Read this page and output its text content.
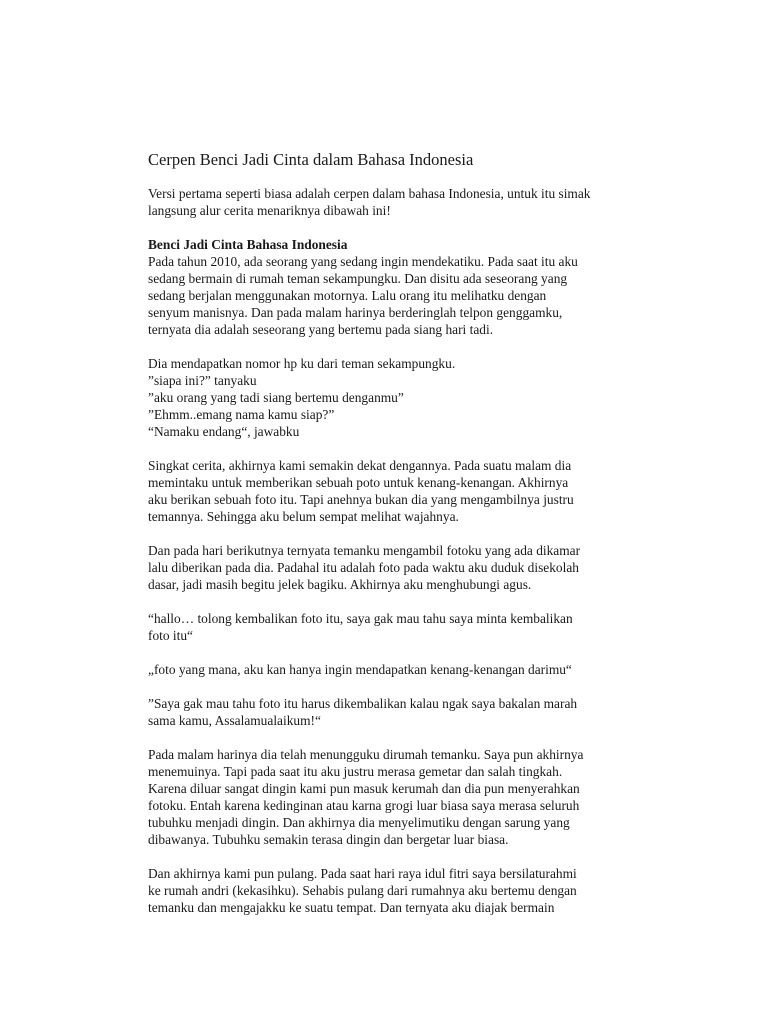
Cerpen Benci Jadi Cinta dalam Bahasa Indonesia
Versi pertama seperti biasa adalah cerpen dalam bahasa Indonesia, untuk itu simak
langsung alur cerita menariknya dibawah ini!
Benci Jadi Cinta Bahasa Indonesia
Pada tahun 2010, ada seorang yang sedang ingin mendekatiku. Pada saat itu aku
sedang bermain di rumah teman sekampungku. Dan disitu ada seseorang yang
sedang berjalan menggunakan motornya. Lalu orang itu melihatku dengan
senyum manisnya. Dan pada malam harinya berderinglah telpon genggamku,
ternyata dia adalah seseorang yang bertemu pada siang hari tadi.
Dia mendapatkan nomor hp ku dari teman sekampungku.
”siapa ini?” tanyaku
”aku orang yang tadi siang bertemu denganmu”
”Ehmm..emang nama kamu siap?”
“Namaku endang“, jawabku
Singkat cerita, akhirnya kami semakin dekat dengannya. Pada suatu malam dia
memintaku untuk memberikan sebuah poto untuk kenang-kenangan. Akhirnya
aku berikan sebuah foto itu. Tapi anehnya bukan dia yang mengambilnya justru
temannya. Sehingga aku belum sempat melihat wajahnya.
Dan pada hari berikutnya ternyata temanku mengambil fotoku yang ada dikamar
lalu diberikan pada dia. Padahal itu adalah foto pada waktu aku duduk disekolah
dasar, jadi masih begitu jelek bagiku. Akhirnya aku menghubungi agus.
“hallo… tolong kembalikan foto itu, saya gak mau tahu saya minta kembalikan
foto itu“
„foto yang mana, aku kan hanya ingin mendapatkan kenang-kenangan darimu“
”Saya gak mau tahu foto itu harus dikembalikan kalau ngak saya bakalan marah
sama kamu, Assalamualaikum!“
Pada malam harinya dia telah menungguku dirumah temanku. Saya pun akhirnya
menemuinya. Tapi pada saat itu aku justru merasa gemetar dan salah tingkah.
Karena diluar sangat dingin kami pun masuk kerumah dan dia pun menyerahkan
fotoku. Entah karena kedinginan atau karna grogi luar biasa saya merasa seluruh
tubuhku menjadi dingin. Dan akhirnya dia menyelimutiku dengan sarung yang
dibawanya. Tubuhku semakin terasa dingin dan bergetar luar biasa.
Dan akhirnya kami pun pulang. Pada saat hari raya idul fitri saya bersilaturahmi
ke rumah andri (kekasihku). Sehabis pulang dari rumahnya aku bertemu dengan
temanku dan mengajakku ke suatu tempat. Dan ternyata aku diajak bermain
